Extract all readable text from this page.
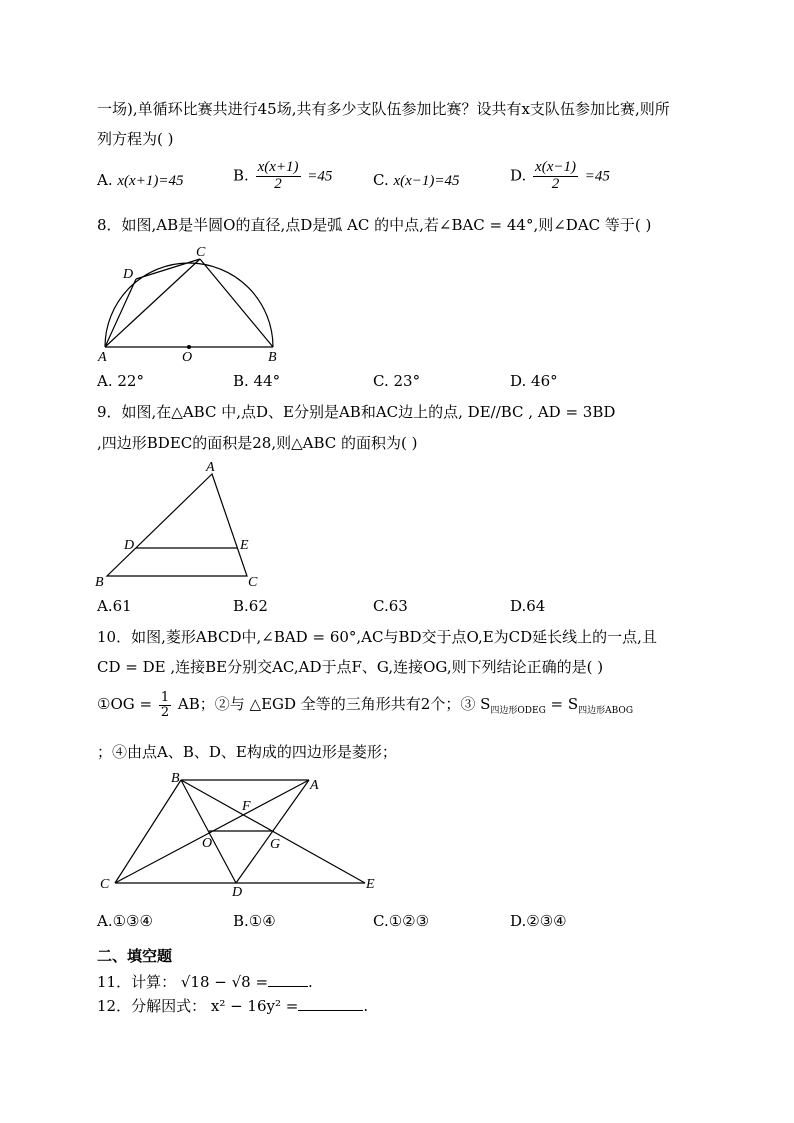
一场),单循环比赛共进行45场,共有多少支队伍参加比赛？设共有x支队伍参加比赛,则所
列方程为( )
A. x(x+1)=45	B. $\frac{x(x+1)}{2} =45$	C. x(x−1)=45	D. $\frac{x(x-1)}{2} =45$
8．如图,AB是半圆O的直径,点D是弧 AC 的中点,若∠BAC = 44°,则∠DAC 等于( )
A	O	B
C
D
A. 22°	B. 44°	C. 23°	D. 46°
9．如图,在△ABC 中,点D、E分别是AB和AC边上的点, DE//BC , AD = 3BD
,四边形BDEC的面积是28,则△ABC 的面积为( )
A
B	C
D	E
A.61	B.62	C.63	D.64
10．如图,菱形ABCD中,∠BAD = 60°,AC与BD交于点O,E为CD延长线上的一点,且
CD = DE ,连接BE分别交AC,AD于点F、G,连接OG,则下列结论正确的是( )
①OG = $\frac{1}{2}$ AB；②与 △EGD 全等的三角形共有2个；③ $S_{四边形ODEG} = S_{四边形ABOG}$
；④由点A、B、D、E构成的四边形是菱形；
B	A
F
O	G
C
D
E
A.①③④	B.①④	C.①②③	D.②③④
二、填空题
11．计算： √18 − √8 =	.
12．分解因式： x² − 16y² =	.
